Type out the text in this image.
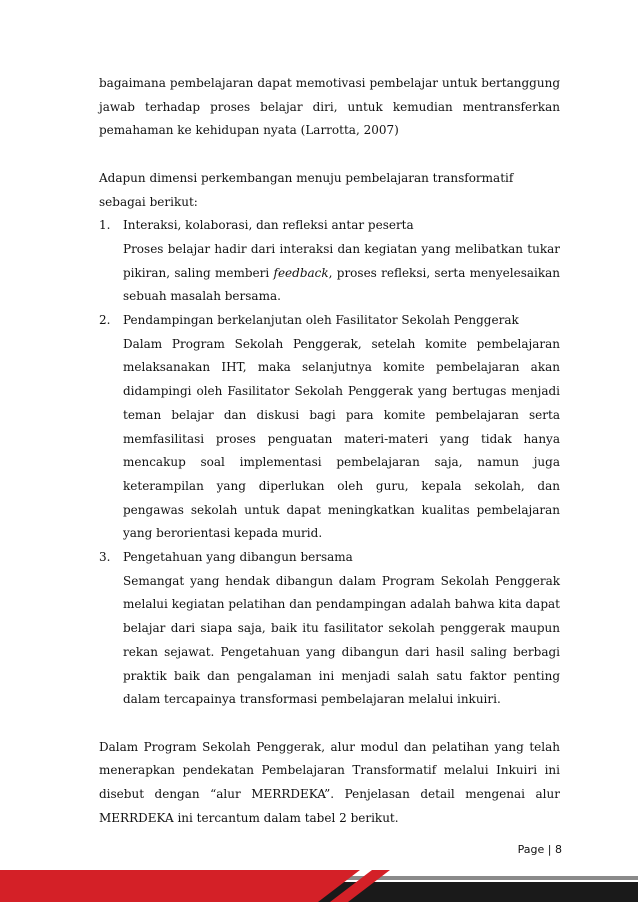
bagaimana pembelajaran dapat memotivasi pembelajar untuk bertanggung jawab terhadap proses belajar diri, untuk kemudian mentransferkan pemahaman ke kehidupan nyata (Larrotta, 2007)

Adapun dimensi perkembangan menuju pembelajaran transformatif sebagai berikut:

1. Interaksi, kolaborasi, dan refleksi antar peserta
Proses belajar hadir dari interaksi dan kegiatan yang melibatkan tukar pikiran, saling memberi feedback, proses refleksi, serta menyelesaikan sebuah masalah bersama.
2. Pendampingan berkelanjutan oleh Fasilitator Sekolah Penggerak
Dalam Program Sekolah Penggerak, setelah komite pembelajaran melaksanakan IHT, maka selanjutnya komite pembelajaran akan didampingi oleh Fasilitator Sekolah Penggerak yang bertugas menjadi teman belajar dan diskusi bagi para komite pembelajaran serta memfasilitasi proses penguatan materi-materi yang tidak hanya mencakup soal implementasi pembelajaran saja, namun juga keterampilan yang diperlukan oleh guru, kepala sekolah, dan pengawas sekolah untuk dapat meningkatkan kualitas pembelajaran yang berorientasi kepada murid.
3. Pengetahuan yang dibangun bersama
Semangat yang hendak dibangun dalam Program Sekolah Penggerak melalui kegiatan pelatihan dan pendampingan adalah bahwa kita dapat belajar dari siapa saja, baik itu fasilitator sekolah penggerak maupun rekan sejawat. Pengetahuan yang dibangun dari hasil saling berbagi praktik baik dan pengalaman ini menjadi salah satu faktor penting dalam tercapainya transformasi pembelajaran melalui inkuiri.

Dalam Program Sekolah Penggerak, alur modul dan pelatihan yang telah menerapkan pendekatan Pembelajaran Transformatif melalui Inkuiri ini disebut dengan “alur MERRDEKA”. Penjelasan detail mengenai alur MERRDEKA ini tercantum dalam tabel 2 berikut.

Page | 8
